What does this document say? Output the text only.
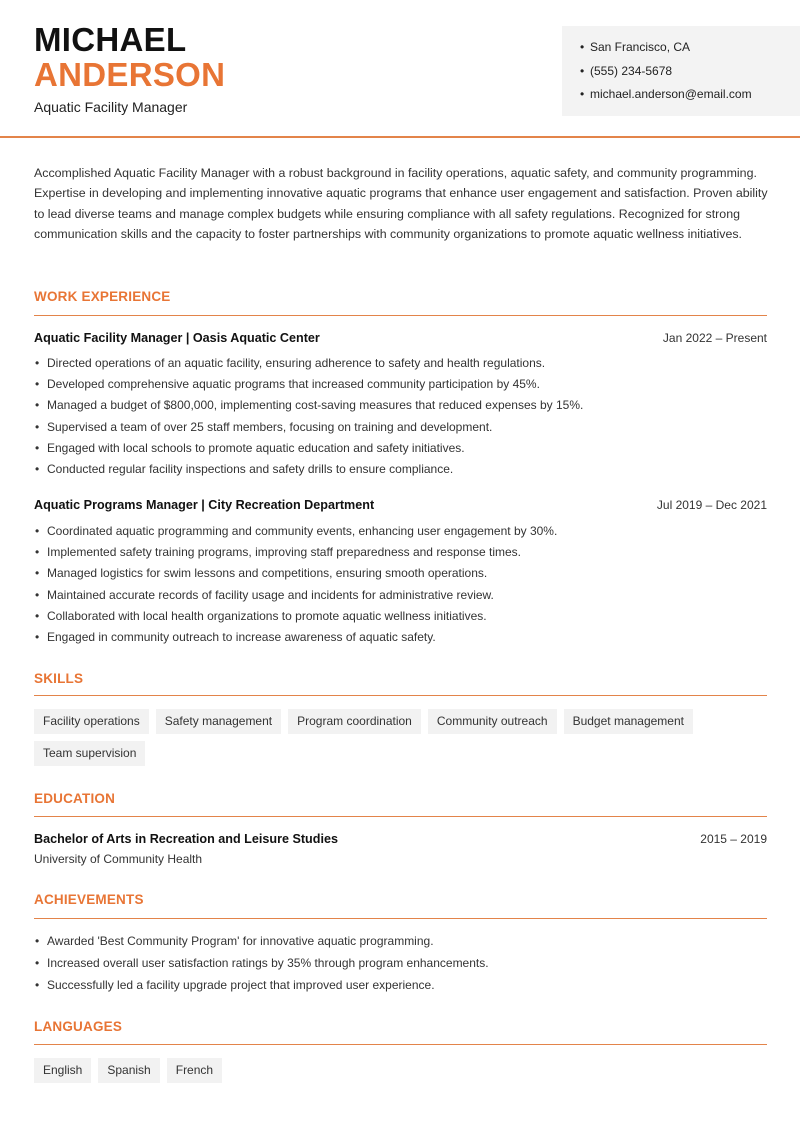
MICHAEL
ANDERSON
Aquatic Facility Manager
• San Francisco, CA
• (555) 234-5678
• michael.anderson@email.com
Accomplished Aquatic Facility Manager with a robust background in facility operations, aquatic safety, and community programming. Expertise in developing and implementing innovative aquatic programs that enhance user engagement and satisfaction. Proven ability to lead diverse teams and manage complex budgets while ensuring compliance with all safety regulations. Recognized for strong communication skills and the capacity to foster partnerships with community organizations to promote aquatic wellness initiatives.
WORK EXPERIENCE
Aquatic Facility Manager | Oasis Aquatic Center	Jan 2022 – Present
• Directed operations of an aquatic facility, ensuring adherence to safety and health regulations.
• Developed comprehensive aquatic programs that increased community participation by 45%.
• Managed a budget of $800,000, implementing cost-saving measures that reduced expenses by 15%.
• Supervised a team of over 25 staff members, focusing on training and development.
• Engaged with local schools to promote aquatic education and safety initiatives.
• Conducted regular facility inspections and safety drills to ensure compliance.
Aquatic Programs Manager | City Recreation Department	Jul 2019 – Dec 2021
• Coordinated aquatic programming and community events, enhancing user engagement by 30%.
• Implemented safety training programs, improving staff preparedness and response times.
• Managed logistics for swim lessons and competitions, ensuring smooth operations.
• Maintained accurate records of facility usage and incidents for administrative review.
• Collaborated with local health organizations to promote aquatic wellness initiatives.
• Engaged in community outreach to increase awareness of aquatic safety.
SKILLS
Facility operations	Safety management	Program coordination	Community outreach	Budget management
Team supervision
EDUCATION
Bachelor of Arts in Recreation and Leisure Studies	2015 – 2019
University of Community Health
ACHIEVEMENTS
• Awarded 'Best Community Program' for innovative aquatic programming.
• Increased overall user satisfaction ratings by 35% through program enhancements.
• Successfully led a facility upgrade project that improved user experience.
LANGUAGES
English	Spanish	French
